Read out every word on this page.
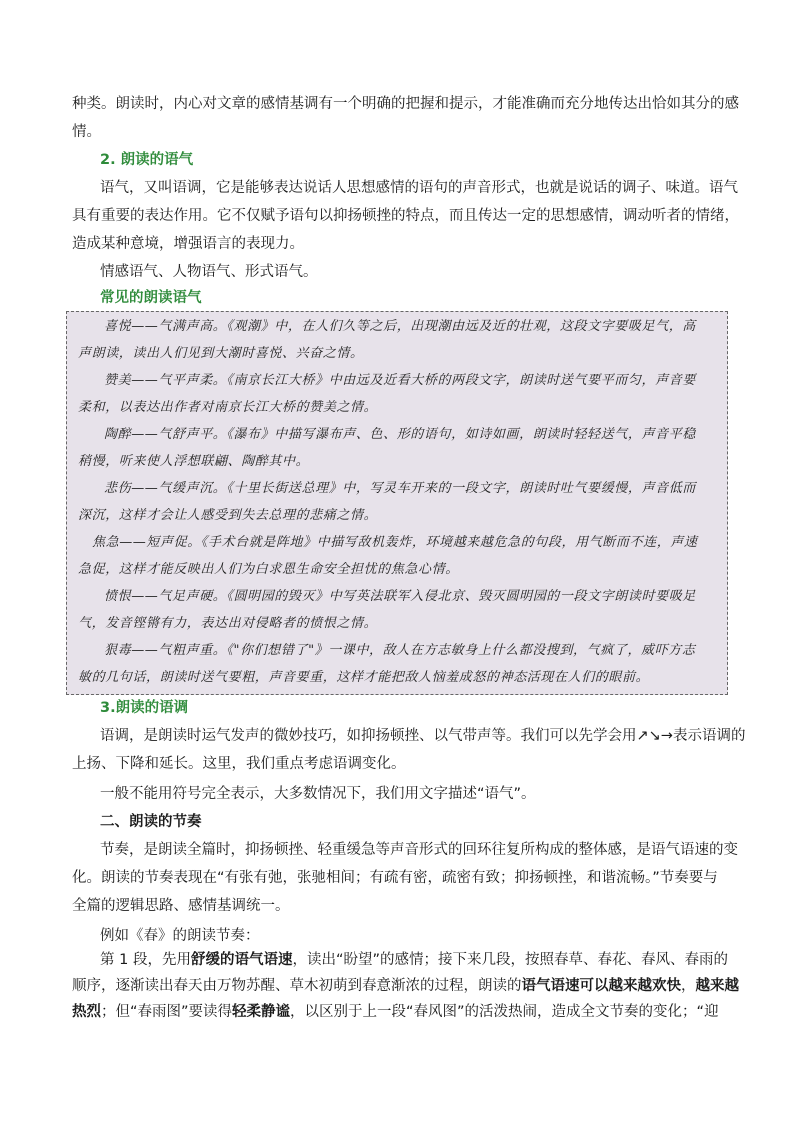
种类。朗读时，内心对文章的感情基调有一个明确的把握和提示，才能准确而充分地传达出恰如其分的感
情。
2. 朗读的语气
语气，又叫语调，它是能够表达说话人思想感情的语句的声音形式，也就是说话的调子、味道。语气
具有重要的表达作用。它不仅赋予语句以抑扬顿挫的特点，而且传达一定的思想感情，调动听者的情绪，
造成某种意境，增强语言的表现力。
情感语气、人物语气、形式语气。
常见的朗读语气
喜悦——气满声高。《观潮》中，在人们久等之后，出现潮由远及近的壮观，这段文字要吸足气，高
声朗读，读出人们见到大潮时喜悦、兴奋之情。
赞美——气平声柔。《南京长江大桥》中由远及近看大桥的两段文字，朗读时送气要平而匀，声音要
柔和，以表达出作者对南京长江大桥的赞美之情。
陶醉——气舒声平。《瀑布》中描写瀑布声、色、形的语句，如诗如画，朗读时轻轻送气，声音平稳
稍慢，听来使人浮想联翩、陶醉其中。
悲伤——气缓声沉。《十里长街送总理》中，写灵车开来的一段文字，朗读时吐气要缓慢，声音低而
深沉，这样才会让人感受到失去总理的悲痛之情。
焦急——短声促。《手术台就是阵地》中描写敌机轰炸，环境越来越危急的句段，用气断而不连，声速
急促，这样才能反映出人们为白求恩生命安全担忧的焦急心情。
愤恨——气足声硬。《圆明园的毁灭》中写英法联军入侵北京、毁灭圆明园的一段文字朗读时要吸足
气，发音铿锵有力，表达出对侵略者的愤恨之情。
狠毒——气粗声重。《"你们想错了"》一课中，敌人在方志敏身上什么都没搜到，气疯了，威吓方志
敏的几句话，朗读时送气要粗，声音要重，这样才能把敌人恼羞成怒的神态活现在人们的眼前。
3.朗读的语调
语调，是朗读时运气发声的微妙技巧，如抑扬顿挫、以气带声等。我们可以先学会用↗↘→表示语调的
上扬、下降和延长。这里，我们重点考虑语调变化。
一般不能用符号完全表示，大多数情况下，我们用文字描述“语气”。
二、朗读的节奏
节奏，是朗读全篇时，抑扬顿挫、轻重缓急等声音形式的回环往复所构成的整体感，是语气语速的变
化。朗读的节奏表现在“有张有弛，张驰相间；有疏有密，疏密有致；抑扬顿挫，和谐流畅。”节奏要与
全篇的逻辑思路、感情基调统一。
例如《春》的朗读节奏：
第 1 段，先用舒缓的语气语速，读出“盼望”的感情；接下来几段，按照春草、春花、春风、春雨的
顺序，逐渐读出春天由万物苏醒、草木初萌到春意渐浓的过程，朗读的语气语速可以越来越欢快，越来越
热烈；但“春雨图”要读得轻柔静谧，以区别于上一段“春风图”的活泼热闹，造成全文节奏的变化；“迎
